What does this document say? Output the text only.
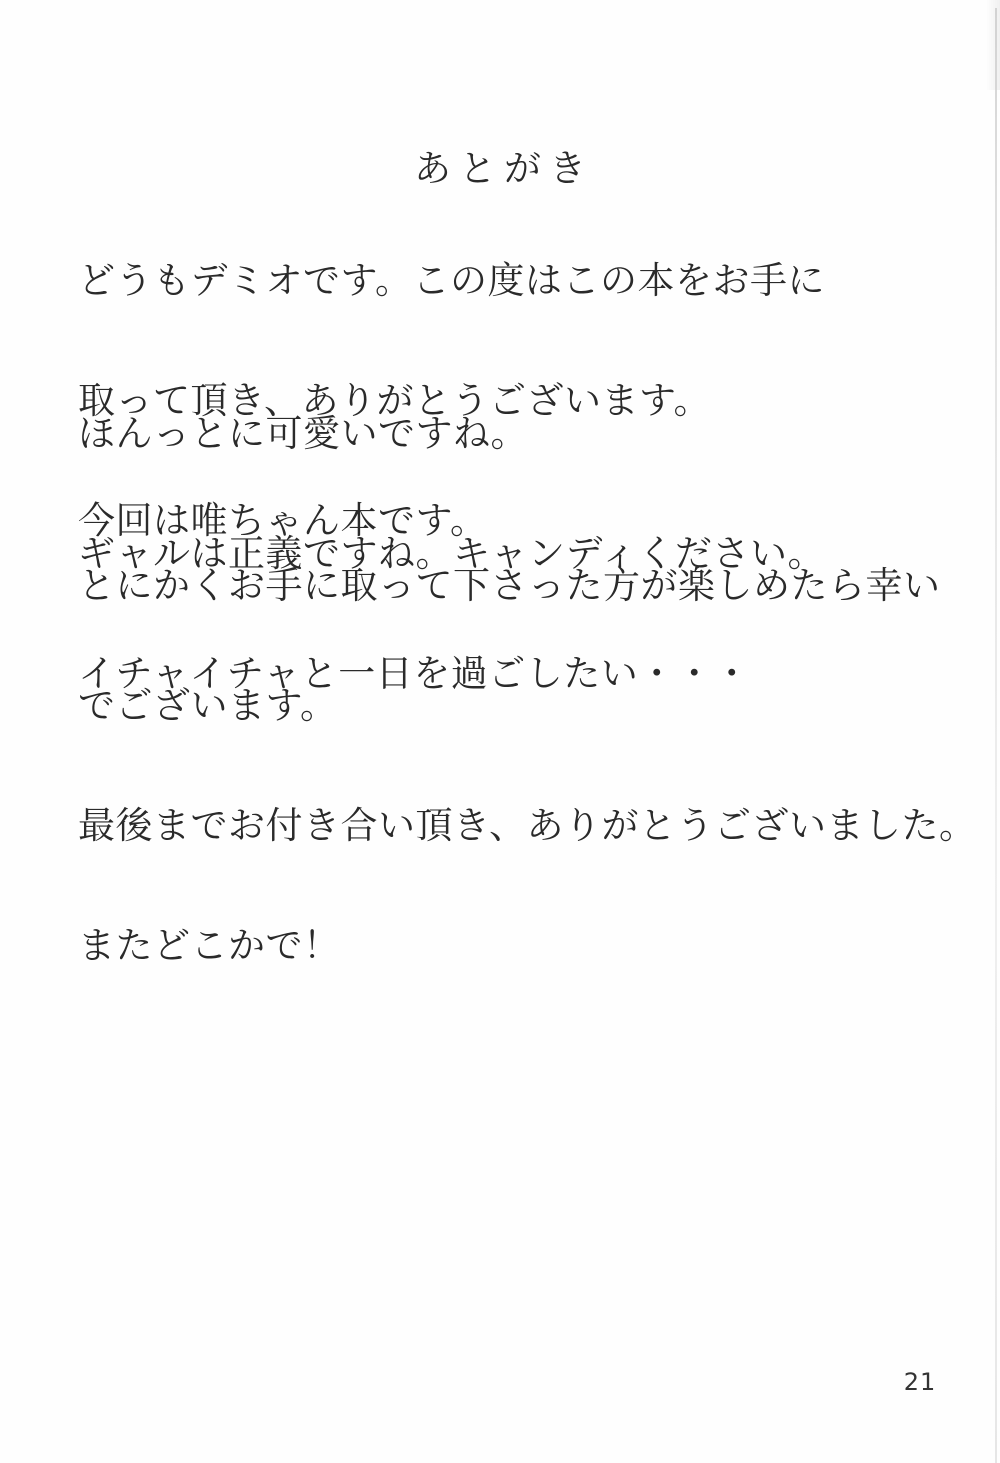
あとがき

どうもデミオです。この度はこの本をお手に

取って頂き、ありがとうございます。

今回は唯ちゃん本です。

ほんっとに可愛いですね。

ギャルは正義ですね。キャンディください。

イチャイチャと一日を過ごしたい・・・

とにかくお手に取って下さった方が楽しめたら幸い

でございます。

最後までお付き合い頂き、ありがとうございました。

またどこかで！

21
